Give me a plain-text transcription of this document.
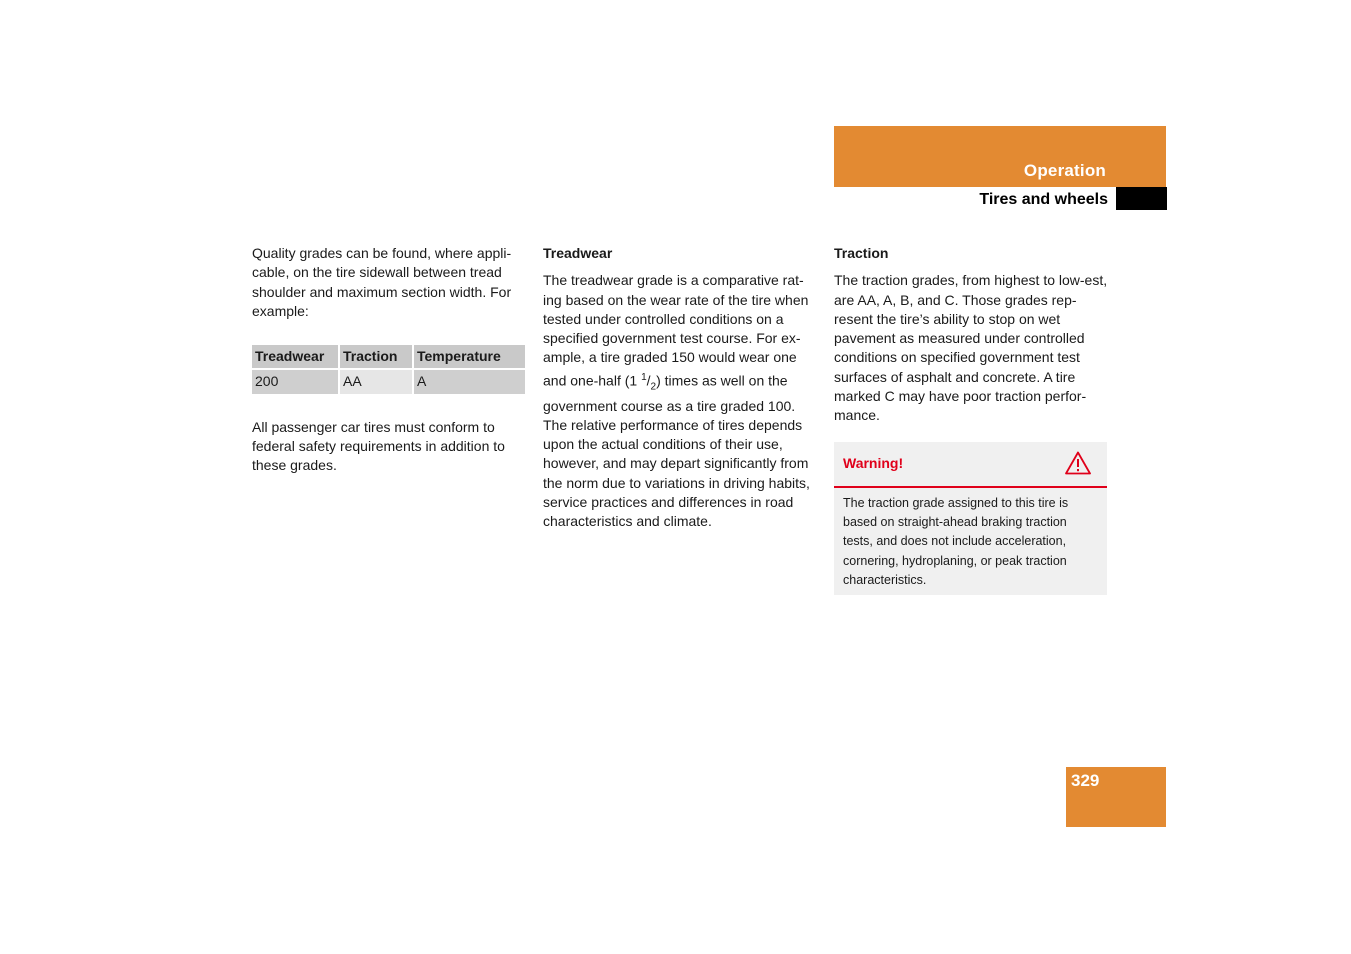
Operation
Tires and wheels

Quality grades can be found, where appli-cable, on the tire sidewall between tread shoulder and maximum section width. For example:

Treadwear	Traction	Temperature
200	AA	A

All passenger car tires must conform to federal safety requirements in addition to these grades.

Treadwear

The treadwear grade is a comparative rat-ing based on the wear rate of the tire when tested under controlled conditions on a specified government test course. For ex-ample, a tire graded 150 would wear one and one-half (1 $^1/_2$) times as well on the government course as a tire graded 100. The relative performance of tires depends upon the actual conditions of their use, however, and may depart significantly from the norm due to variations in driving habits, service practices and differences in road characteristics and climate.

Traction

The traction grades, from highest to low-est, are AA, A, B, and C. Those grades rep-resent the tire’s ability to stop on wet pavement as measured under controlled conditions on specified government test surfaces of asphalt and concrete. A tire marked C may have poor traction perfor-mance.

Warning!
The traction grade assigned to this tire is based on straight-ahead braking traction tests, and does not include acceleration, cornering, hydroplaning, or peak traction characteristics.
329
